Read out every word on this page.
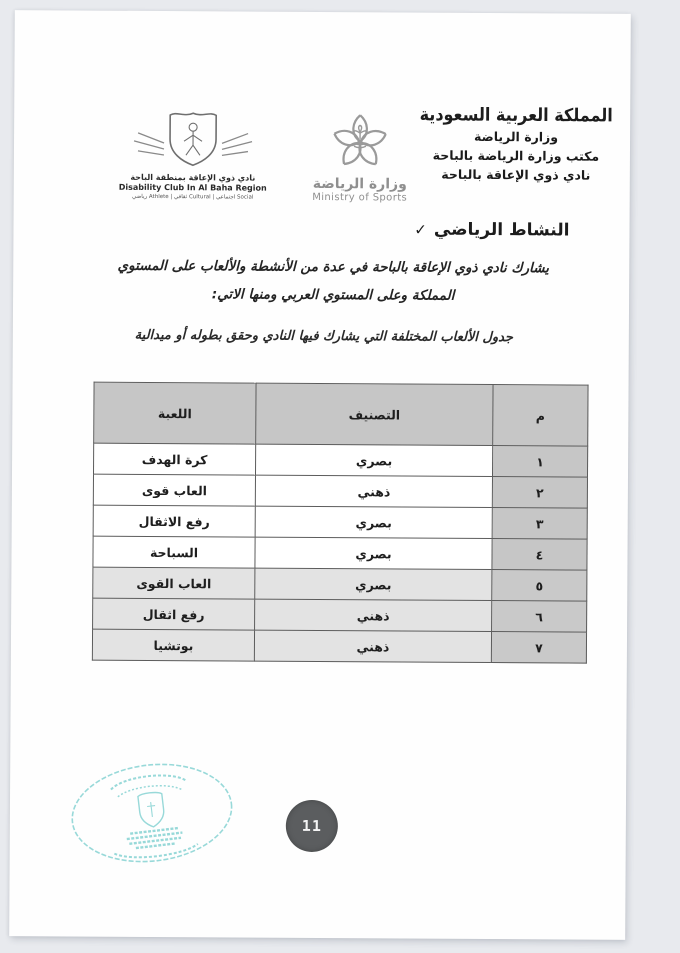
المملكة العربية السعودية
وزارة الرياضة
مكتب وزارة الرياضة بالباحة
نادي ذوي الإعاقة بالباحة
وزارة الرياضة
Ministry of Sports
نادي ذوي الإعاقة بمنطقة الباحة
Disability Club In Al Baha Region
رياضي Athlete | ثقافي Cultural | اجتماعي Social
النشاط الرياضي
✓
يشارك نادي ذوي الإعاقة بالباحة في عدة من الأنشطة والألعاب على المستوي
المملكة وعلى المستوي العربي ومنها الاتي:
جدول الألعاب المختلفة التي يشارك فيها النادي وحقق بطوله أو ميدالية
م	التصنيف	اللعبة
١	بصري	كرة الهدف
٢	ذهني	العاب قوى
٣	بصري	رفع الاثقال
٤	بصري	السباحة
٥	بصري	العاب القوى
٦	ذهني	رفع اثقال
٧	ذهني	بوتشيا
11
